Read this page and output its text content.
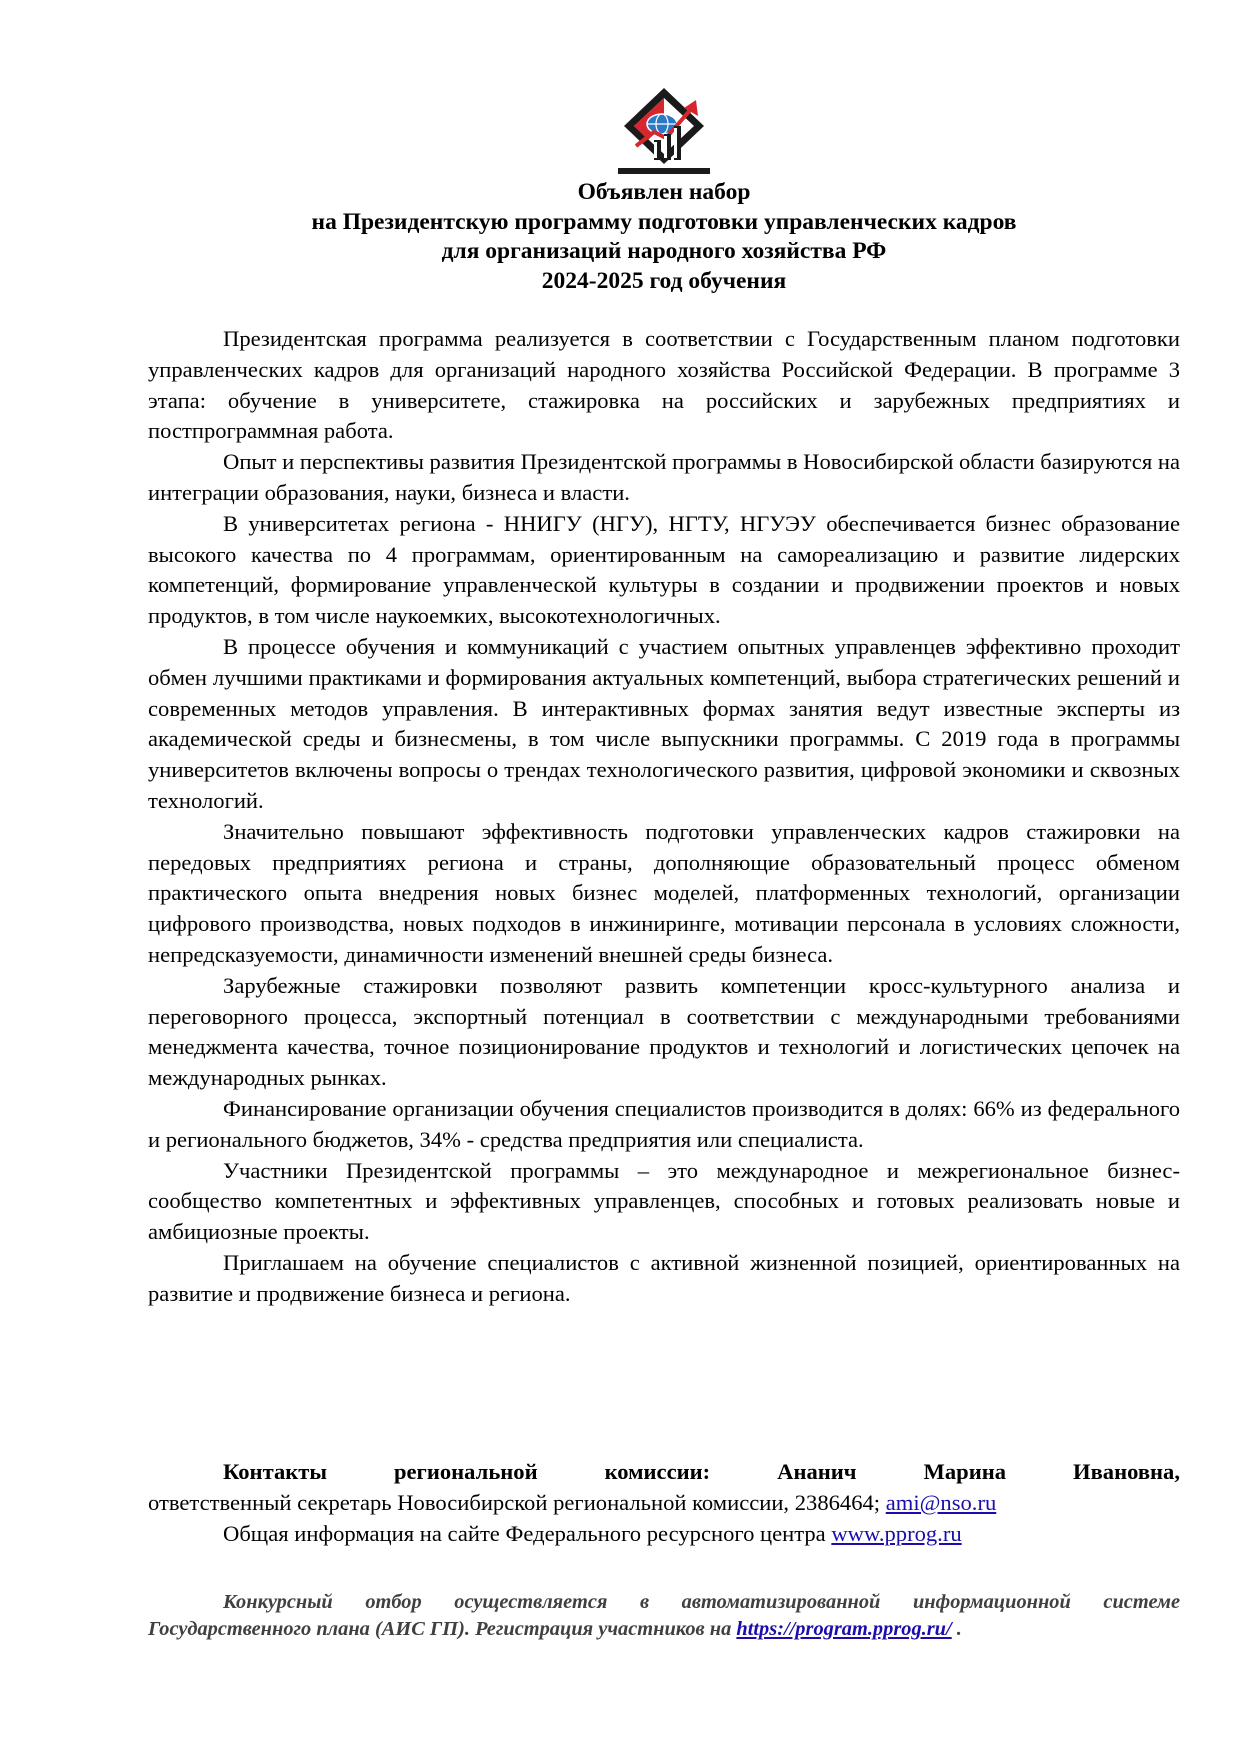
Объявлен набор
на Президентскую программу подготовки управленческих кадров
для организаций народного хозяйства РФ
2024-2025 год обучения

Президентская программа реализуется в соответствии с Государственным планом подготовки управленческих кадров для организаций народного хозяйства Российской Федерации. В программе 3 этапа: обучение в университете, стажировка на российских и зарубежных предприятиях и постпрограммная работа.

Опыт и перспективы развития Президентской программы в Новосибирской области базируются на интеграции образования, науки, бизнеса и власти.

В университетах региона - ННИГУ (НГУ), НГТУ, НГУЭУ обеспечивается бизнес образование высокого качества по 4 программам, ориентированным на самореализацию и развитие лидерских компетенций, формирование управленческой культуры в создании и продвижении проектов и новых продуктов, в том числе наукоемких, высокотехнологичных.

В процессе обучения и коммуникаций с участием опытных управленцев эффективно проходит обмен лучшими практиками и формирования актуальных компетенций, выбора стратегических решений и современных методов управления. В интерактивных формах занятия ведут известные эксперты из академической среды и бизнесмены, в том числе выпускники программы. С 2019 года в программы университетов включены вопросы о трендах технологического развития, цифровой экономики и сквозных технологий.

Значительно повышают эффективность подготовки управленческих кадров стажировки на передовых предприятиях региона и страны, дополняющие образовательный процесс обменом практического опыта внедрения новых бизнес моделей, платформенных технологий, организации цифрового производства, новых подходов в инжиниринге, мотивации персонала в условиях сложности, непредсказуемости, динамичности изменений внешней среды бизнеса.

Зарубежные стажировки позволяют развить компетенции кросс-культурного анализа и переговорного процесса, экспортный потенциал в соответствии с международными требованиями менеджмента качества, точное позиционирование продуктов и технологий и логистических цепочек на международных рынках.

Финансирование организации обучения специалистов производится в долях: 66% из федерального и регионального бюджетов, 34% - средства предприятия или специалиста.

Участники Президентской программы – это международное и межрегиональное бизнес-сообщество компетентных и эффективных управленцев, способных и готовых реализовать новые и амбициозные проекты.

Приглашаем на обучение специалистов с активной жизненной позицией, ориентированных на развитие и продвижение бизнеса и региона.

Контакты региональной комиссии: Ананич Марина Ивановна,
ответственный секретарь Новосибирской региональной комиссии, 2386464; ami@nso.ru
Общая информация на сайте Федерального ресурсного центра www.pprog.ru

Конкурсный отбор осуществляется в автоматизированной информационной системе Государственного плана (АИС ГП). Регистрация участников на https://program.pprog.ru/ .
